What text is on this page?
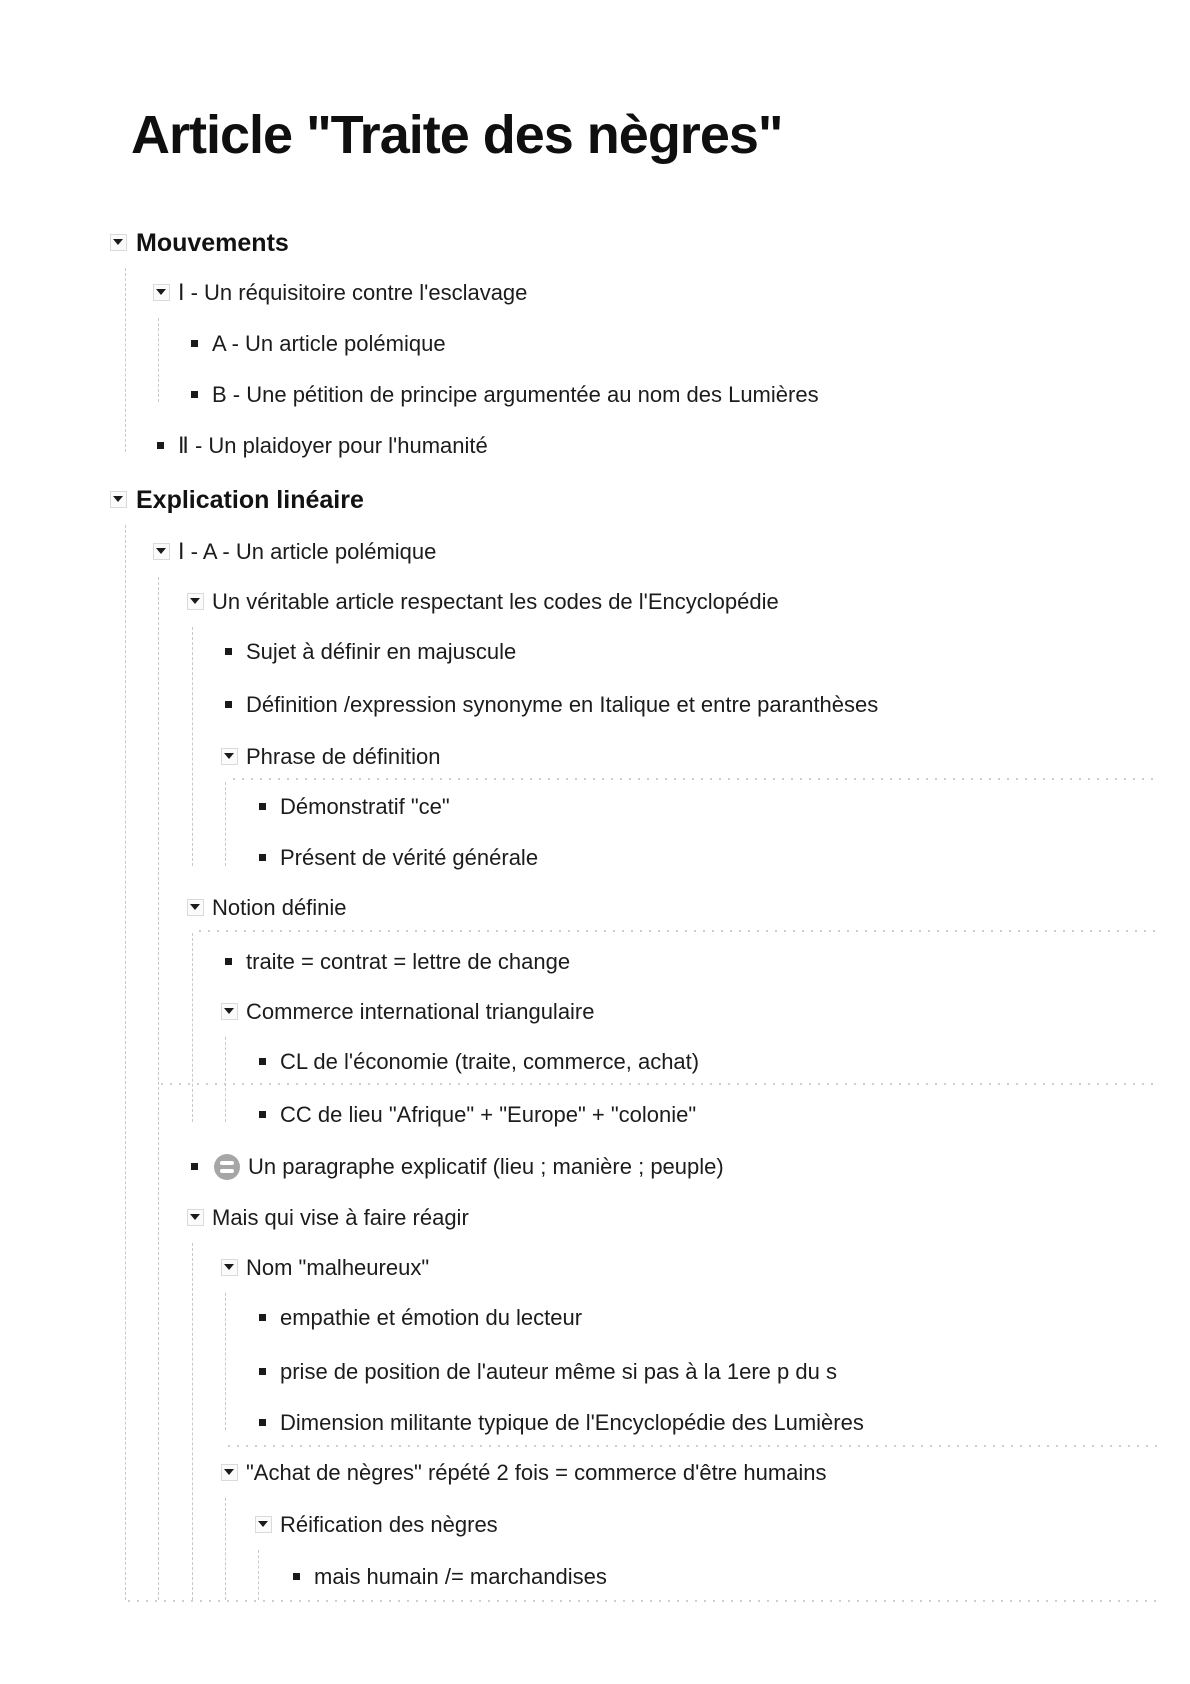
Article "Traite des nègres"
Mouvements
Ⅰ - Un réquisitoire contre l'esclavage
A - Un article polémique
B - Une pétition de principe argumentée au nom des Lumières
Ⅱ - Un plaidoyer pour l'humanité
Explication linéaire
Ⅰ - A - Un article polémique
Un véritable article respectant les codes de l'Encyclopédie
Sujet à définir en majuscule
Définition /expression synonyme en Italique et entre paranthèses
Phrase de définition
Démonstratif "ce"
Présent de vérité générale
Notion définie
traite = contrat = lettre de change
Commerce international triangulaire
CL de l'économie (traite, commerce, achat)
CC de lieu "Afrique" + "Europe" + "colonie"
Un paragraphe explicatif (lieu ; manière ; peuple)
Mais qui vise à faire réagir
Nom "malheureux"
empathie et émotion du lecteur
prise de position de l'auteur même si pas à la 1ere p du s
Dimension militante typique de l'Encyclopédie des Lumières
"Achat de nègres" répété 2 fois = commerce d'être humains
Réification des nègres
mais humain /= marchandises
